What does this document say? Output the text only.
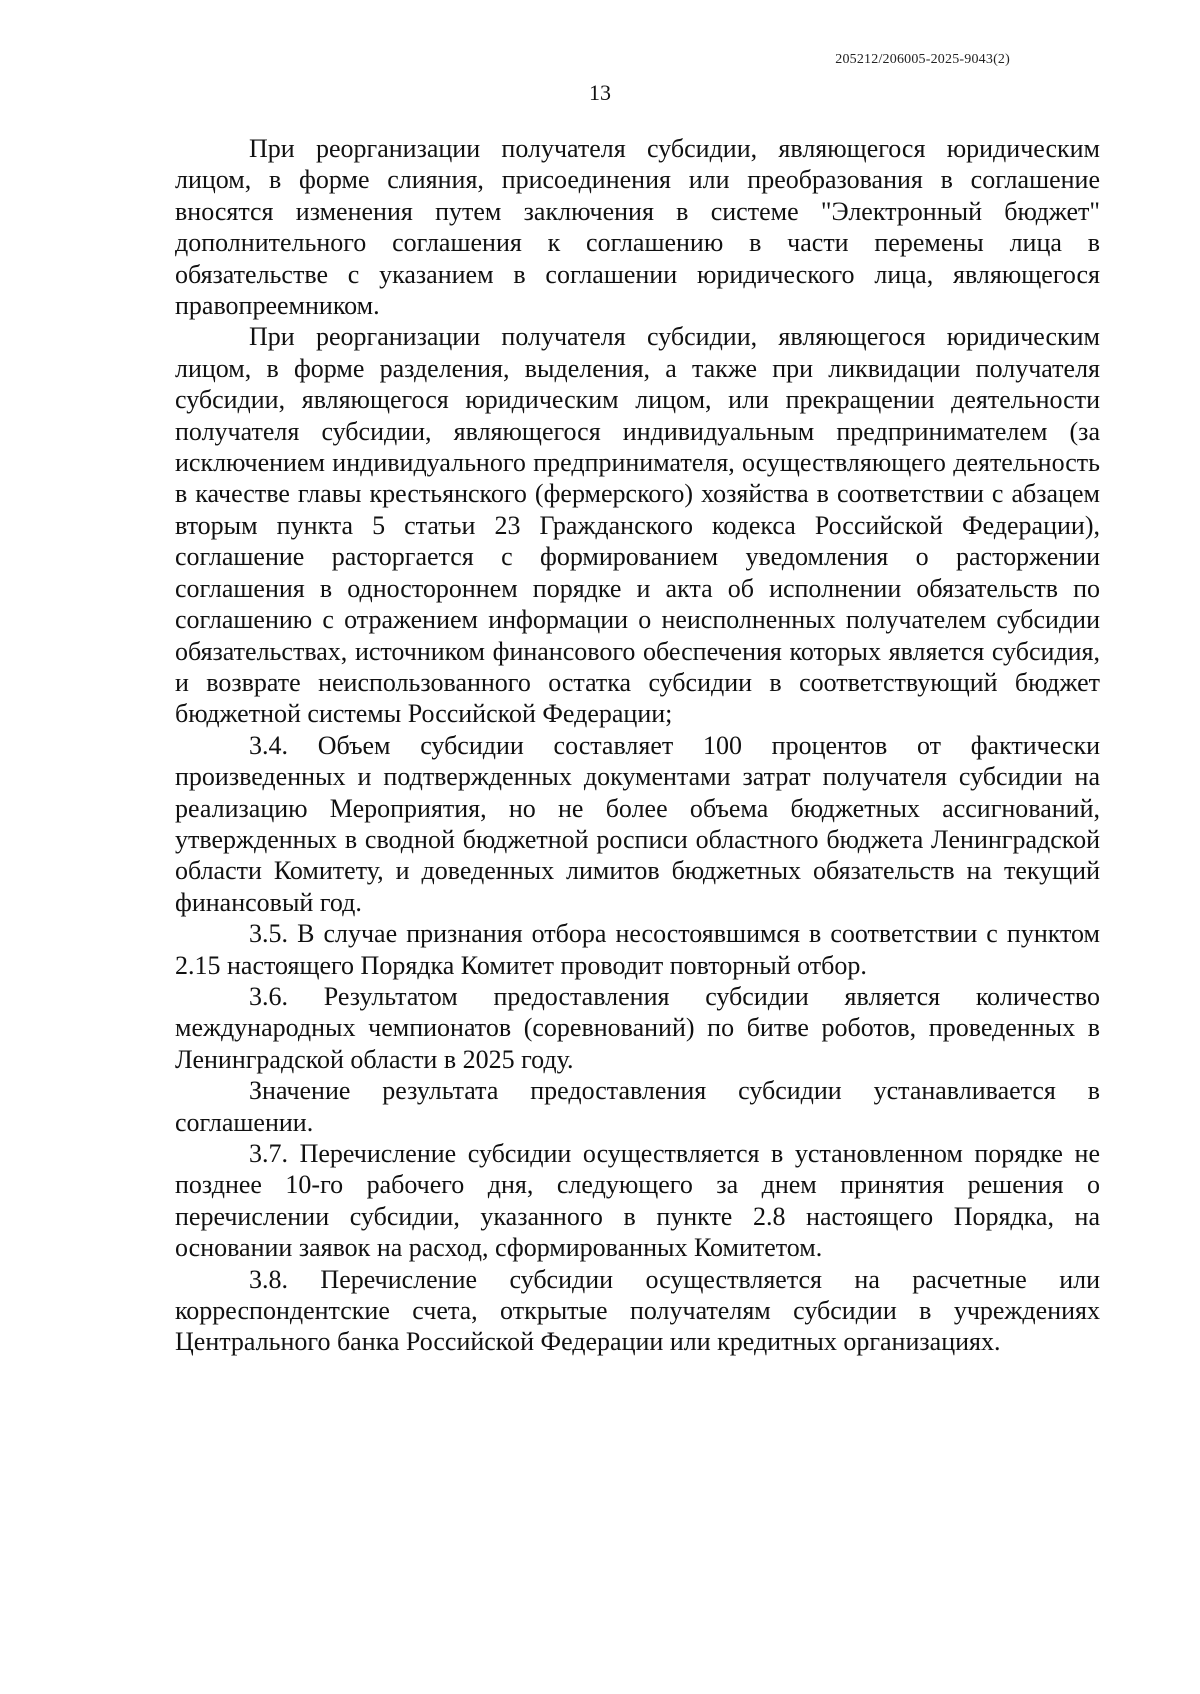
205212/206005-2025-9043(2)
13

При реорганизации получателя субсидии, являющегося юридическим лицом, в форме слияния, присоединения или преобразования в соглашение вносятся изменения путем заключения в системе "Электронный бюджет" дополнительного соглашения к соглашению в части перемены лица в обязательстве с указанием в соглашении юридического лица, являющегося правопреемником.

При реорганизации получателя субсидии, являющегося юридическим лицом, в форме разделения, выделения, а также при ликвидации получателя субсидии, являющегося юридическим лицом, или прекращении деятельности получателя субсидии, являющегося индивидуальным предпринимателем (за исключением индивидуального предпринимателя, осуществляющего деятельность в качестве главы крестьянского (фермерского) хозяйства в соответствии с абзацем вторым пункта 5 статьи 23 Гражданского кодекса Российской Федерации), соглашение расторгается с формированием уведомления о расторжении соглашения в одностороннем порядке и акта об исполнении обязательств по соглашению с отражением информации о неисполненных получателем субсидии обязательствах, источником финансового обеспечения которых является субсидия, и возврате неиспользованного остатка субсидии в соответствующий бюджет бюджетной системы Российской Федерации;

3.4. Объем субсидии составляет 100 процентов от фактически произведенных и подтвержденных документами затрат получателя субсидии на реализацию Мероприятия, но не более объема бюджетных ассигнований, утвержденных в сводной бюджетной росписи областного бюджета Ленинградской области Комитету, и доведенных лимитов бюджетных обязательств на текущий финансовый год.

3.5. В случае признания отбора несостоявшимся в соответствии с пунктом 2.15 настоящего Порядка Комитет проводит повторный отбор.

3.6. Результатом предоставления субсидии является количество международных чемпионатов (соревнований) по битве роботов, проведенных в Ленинградской области в 2025 году.

Значение результата предоставления субсидии устанавливается в соглашении.

3.7. Перечисление субсидии осуществляется в установленном порядке не позднее 10-го рабочего дня, следующего за днем принятия решения о перечислении субсидии, указанного в пункте 2.8 настоящего Порядка, на основании заявок на расход, сформированных Комитетом.

3.8. Перечисление субсидии осуществляется на расчетные или корреспондентские счета, открытые получателям субсидии в учреждениях Центрального банка Российской Федерации или кредитных организациях.
